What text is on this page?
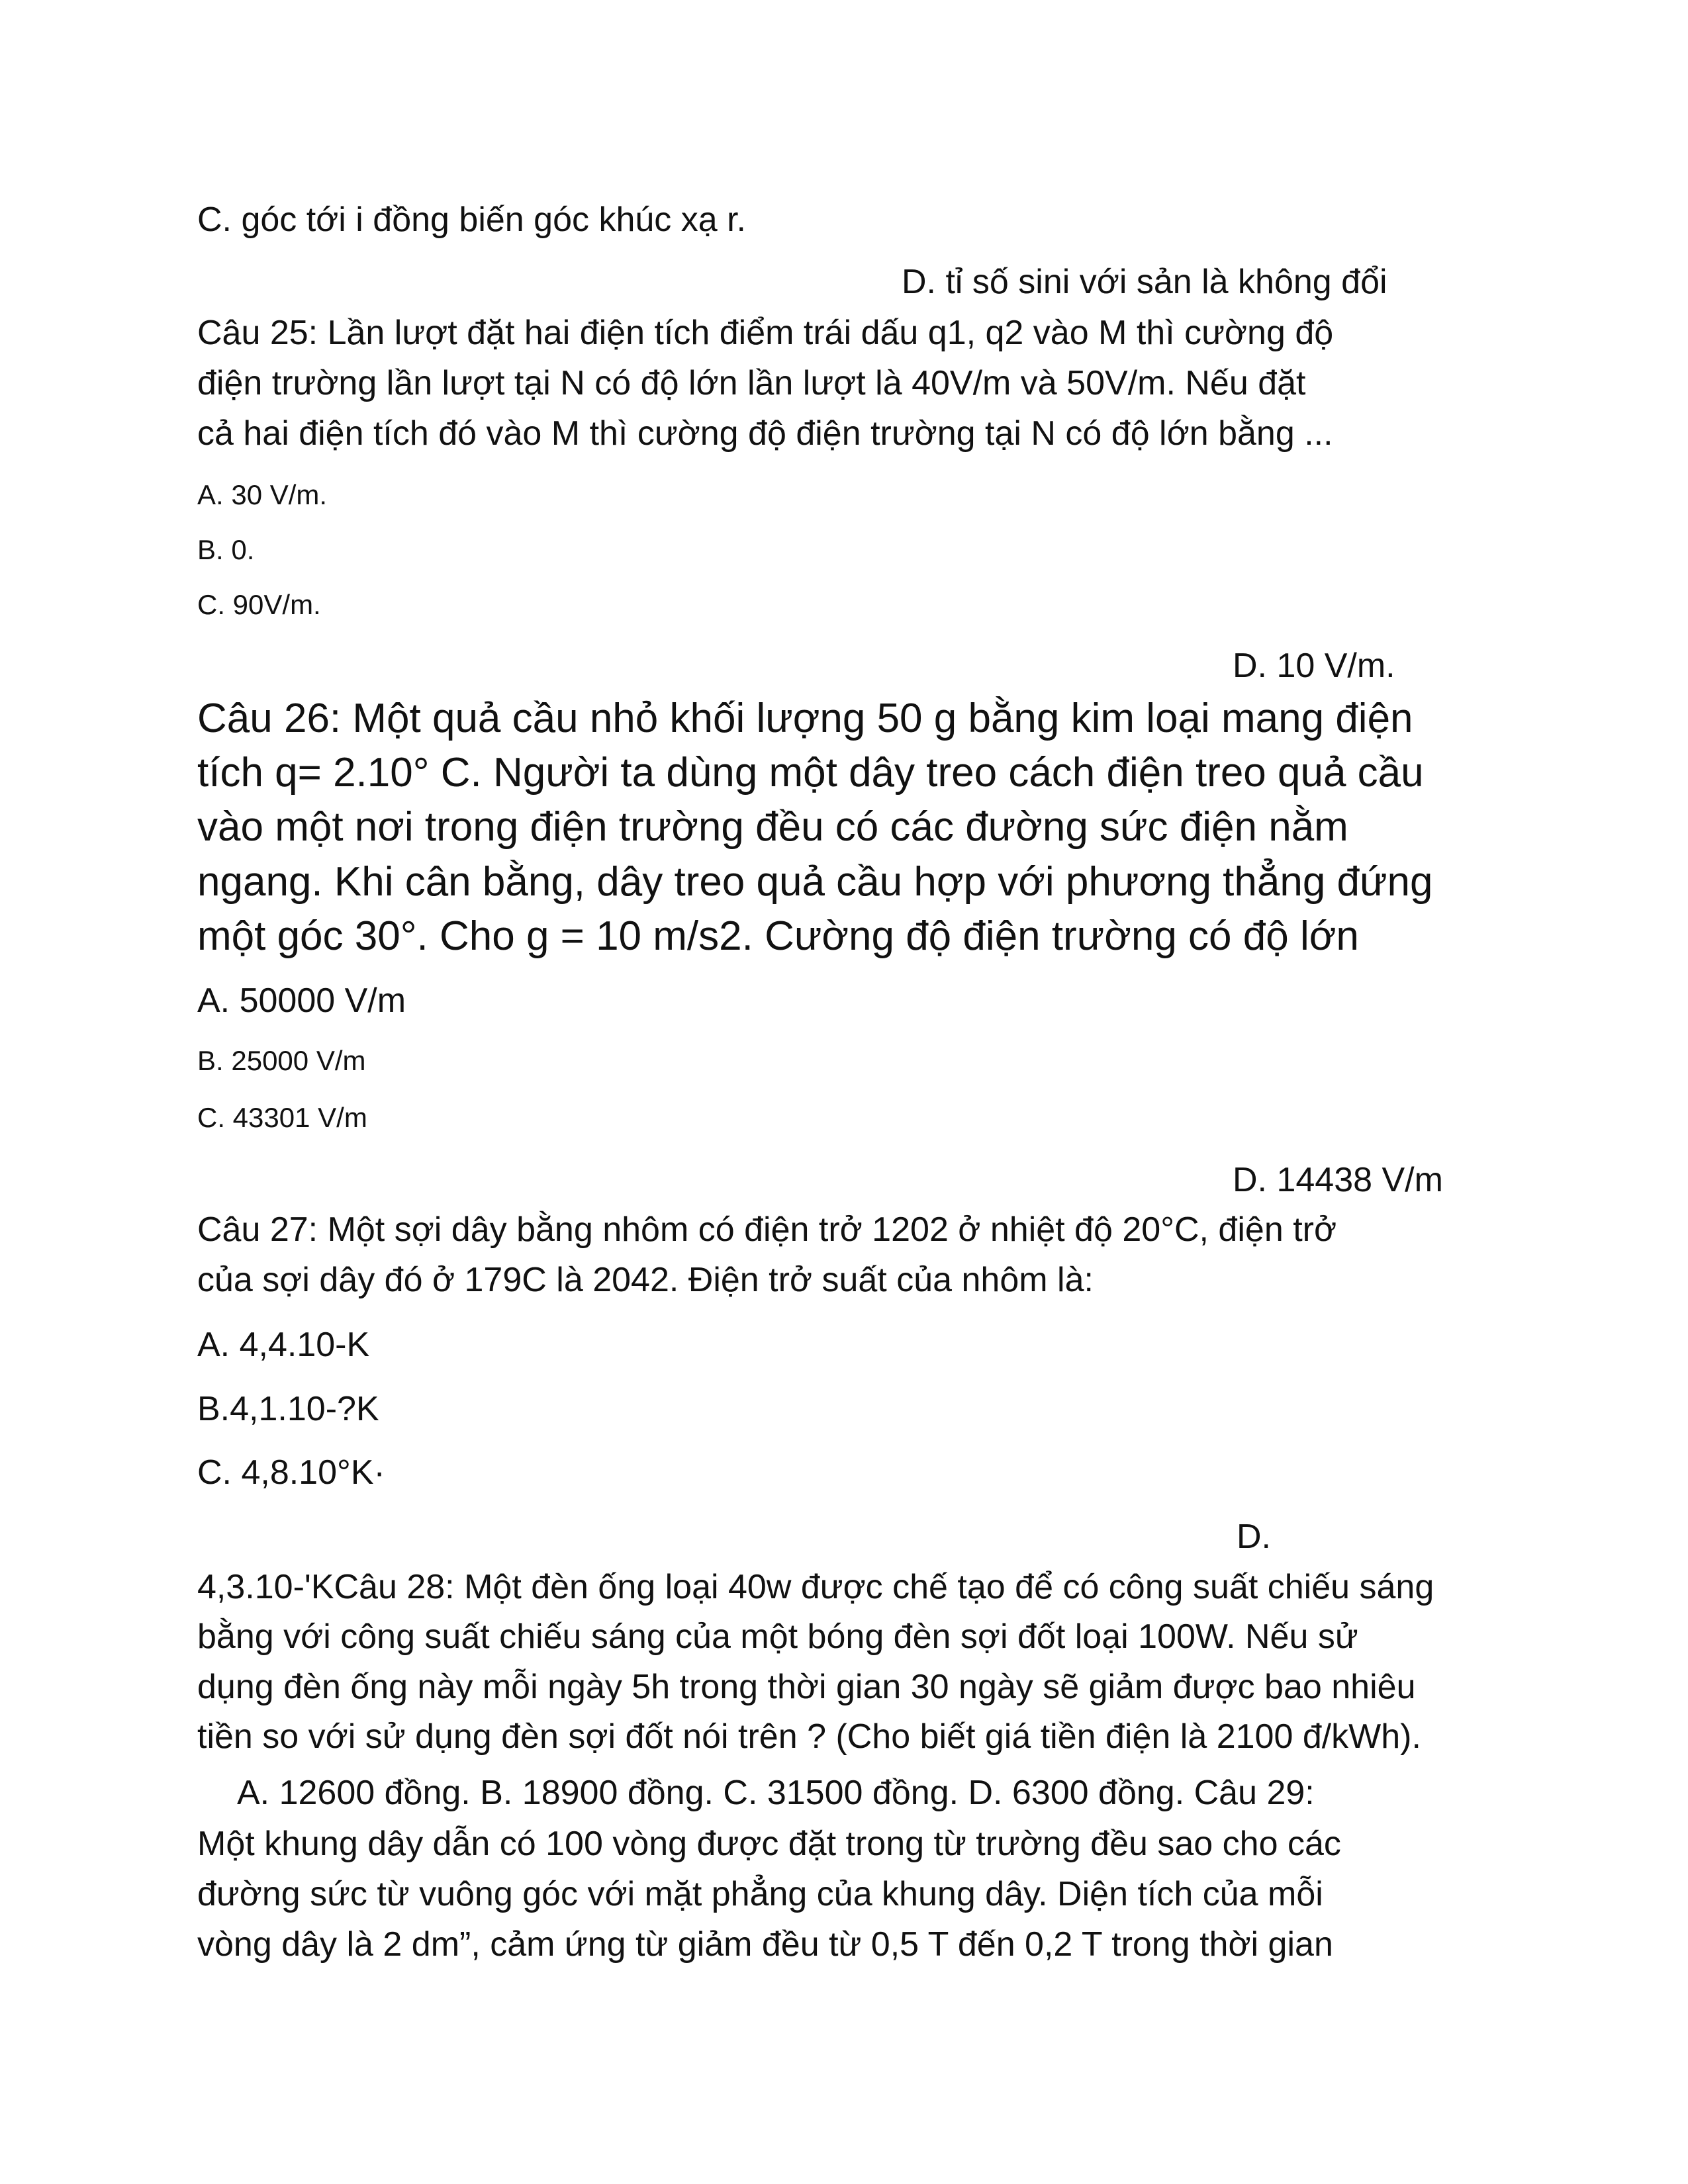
C. góc tới i đồng biến góc khúc xạ r.

D. tỉ số sini với sản là không đổi

Câu 25: Lần lượt đặt hai điện tích điểm trái dấu q1, q2 vào M thì cường độ

điện trường lần lượt tại N có độ lớn lần lượt là 40V/m và 50V/m. Nếu đặt

cả hai điện tích đó vào M thì cường độ điện trường tại N có độ lớn bằng ...

A. 30 V/m.

B. 0.

C. 90V/m.

D. 10 V/m.

Câu 26: Một quả cầu nhỏ khối lượng 50 g bằng kim loại mang điện

tích q= 2.10° C. Người ta dùng một dây treo cách điện treo quả cầu

vào một nơi trong điện trường đều có các đường sức điện nằm

ngang. Khi cân bằng, dây treo quả cầu hợp với phương thẳng đứng

một góc 30°. Cho g = 10 m/s2. Cường độ điện trường có độ lớn

A. 50000 V/m

B. 25000 V/m

C. 43301 V/m

D. 14438 V/m

Câu 27: Một sợi dây bằng nhôm có điện trở 1202 ở nhiệt độ 20°C, điện trở

của sợi dây đó ở 179C là 2042. Điện trở suất của nhôm là:

A. 4,4.10-K

B.4,1.10-?K

C. 4,8.10°K·

D.

4,3.10-'KCâu 28: Một đèn ống loại 40w được chế tạo để có công suất chiếu sáng

bằng với công suất chiếu sáng của một bóng đèn sợi đốt loại 100W. Nếu sử

dụng đèn ống này mỗi ngày 5h trong thời gian 30 ngày sẽ giảm được bao nhiêu

tiền so với sử dụng đèn sợi đốt nói trên ? (Cho biết giá tiền điện là 2100 đ/kWh).

A. 12600 đồng. B. 18900 đồng. C. 31500 đồng. D. 6300 đồng. Câu 29:

Một khung dây dẫn có 100 vòng được đặt trong từ trường đều sao cho các

đường sức từ vuông góc với mặt phẳng của khung dây. Diện tích của mỗi

vòng dây là 2 dm”, cảm ứng từ giảm đều từ 0,5 T đến 0,2 T trong thời gian
